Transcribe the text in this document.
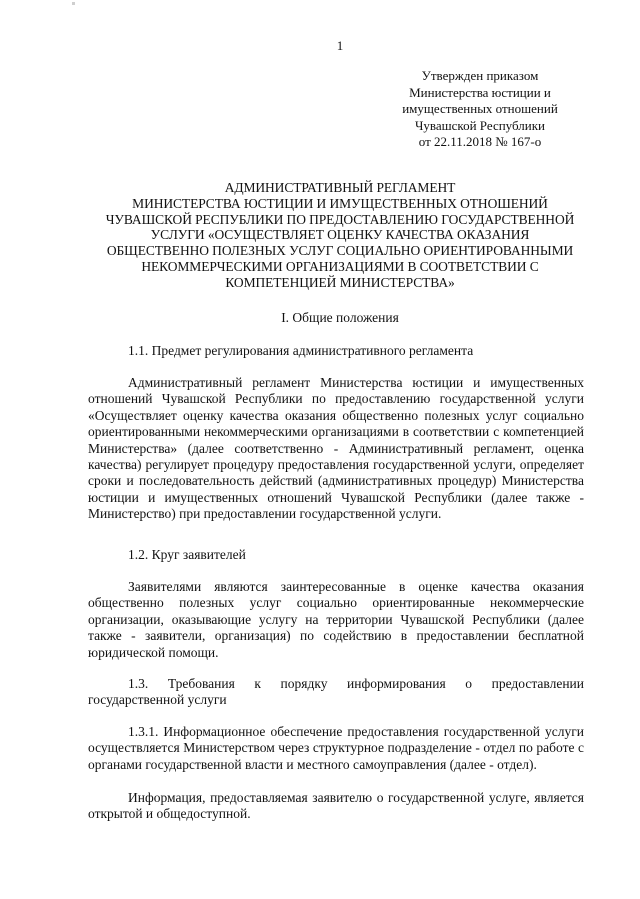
1
Утвержден приказом
Министерства юстиции и
имущественных отношений
Чувашской Республики
от 22.11.2018 № 167-о
АДМИНИСТРАТИВНЫЙ РЕГЛАМЕНТ
МИНИСТЕРСТВА ЮСТИЦИИ И ИМУЩЕСТВЕННЫХ ОТНОШЕНИЙ
ЧУВАШСКОЙ РЕСПУБЛИКИ ПО ПРЕДОСТАВЛЕНИЮ ГОСУДАРСТВЕННОЙ
УСЛУГИ «ОСУЩЕСТВЛЯЕТ ОЦЕНКУ КАЧЕСТВА ОКАЗАНИЯ
ОБЩЕСТВЕННО ПОЛЕЗНЫХ УСЛУГ СОЦИАЛЬНО ОРИЕНТИРОВАННЫМИ
НЕКОММЕРЧЕСКИМИ ОРГАНИЗАЦИЯМИ В СООТВЕТСТВИИ С
КОМПЕТЕНЦИЕЙ МИНИСТЕРСТВА»
I. Общие положения

1.1. Предмет регулирования административного регламента

Административный регламент Министерства юстиции и имущественных отношений Чувашской Республики по предоставлению государственной услуги «Осуществляет оценку качества оказания общественно полезных услуг социально ориентированными некоммерческими организациями в соответствии с компетенцией Министерства» (далее соответственно - Административный регламент, оценка качества) регулирует процедуру предоставления государственной услуги, определяет сроки и последовательность действий (административных процедур) Министерства юстиции и имущественных отношений Чувашской Республики (далее также - Министерство) при предоставлении государственной услуги.

1.2. Круг заявителей

Заявителями являются заинтересованные в оценке качества оказания общественно полезных услуг социально ориентированные некоммерческие организации, оказывающие услугу на территории Чувашской Республики (далее также - заявители, организация) по содействию в предоставлении бесплатной юридической помощи.

1.3. Требования к порядку информирования о предоставлении государственной услуги

1.3.1. Информационное обеспечение предоставления государственной услуги осуществляется Министерством через структурное подразделение - отдел по работе с органами государственной власти и местного самоуправления (далее - отдел).

Информация, предоставляемая заявителю о государственной услуге, является открытой и общедоступной.
